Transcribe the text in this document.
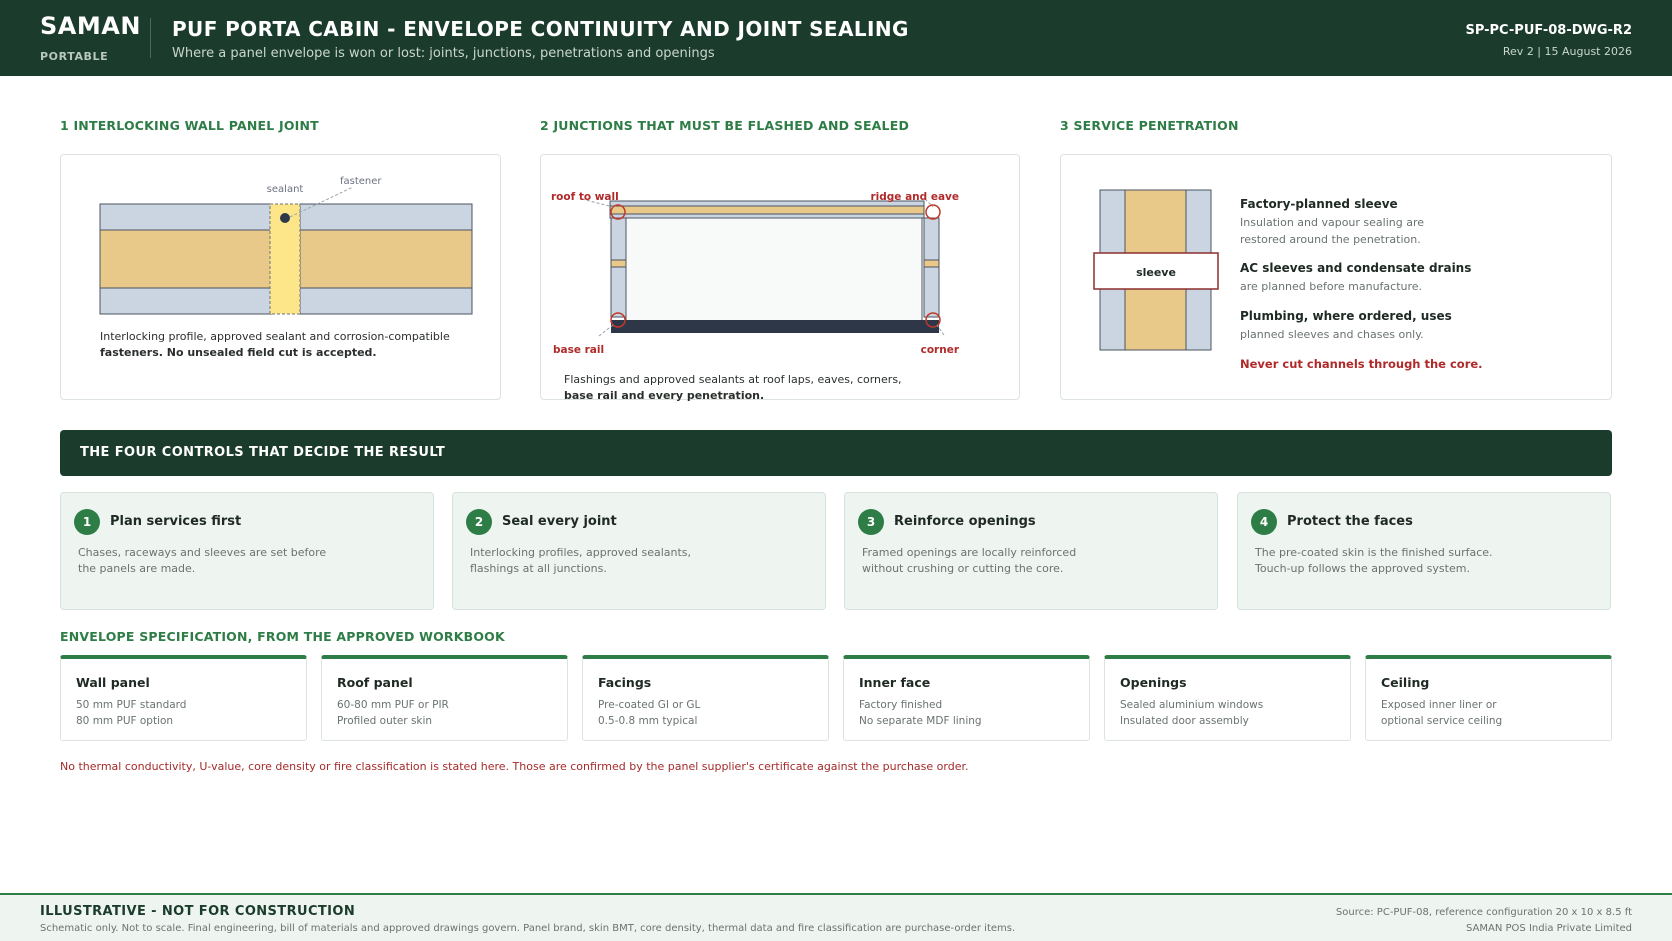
SAMAN
PORTABLE
PUF PORTA CABIN - ENVELOPE CONTINUITY AND JOINT SEALING
Where a panel envelope is won or lost: joints, junctions, penetrations and openings
SP-PC-PUF-08-DWG-R2
Rev 2 | 15 August 2026
1 INTERLOCKING WALL PANEL JOINT
sealant
fastener
Interlocking profile, approved sealant and corrosion-compatible
fasteners. No unsealed field cut is accepted.
2 JUNCTIONS THAT MUST BE FLASHED AND SEALED
roof to wall	ridge and eave
base rail	corner
Flashings and approved sealants at roof laps, eaves, corners,
base rail and every penetration.
3 SERVICE PENETRATION
sleeve
Factory-planned sleeve
Insulation and vapour sealing are
restored around the penetration.
AC sleeves and condensate drains
are planned before manufacture.
Plumbing, where ordered, uses
planned sleeves and chases only.
Never cut channels through the core.
THE FOUR CONTROLS THAT DECIDE THE RESULT
1	Plan services first
Chases, raceways and sleeves are set before
the panels are made.
2	Seal every joint
Interlocking profiles, approved sealants,
flashings at all junctions.
3	Reinforce openings
Framed openings are locally reinforced
without crushing or cutting the core.
4	Protect the faces
The pre-coated skin is the finished surface.
Touch-up follows the approved system.
ENVELOPE SPECIFICATION, FROM THE APPROVED WORKBOOK
Wall panel
50 mm PUF standard
80 mm PUF option
Roof panel
60-80 mm PUF or PIR
Profiled outer skin
Facings
Pre-coated GI or GL
0.5-0.8 mm typical
Inner face
Factory finished
No separate MDF lining
Openings
Sealed aluminium windows
Insulated door assembly
Ceiling
Exposed inner liner or
optional service ceiling
No thermal conductivity, U-value, core density or fire classification is stated here. Those are confirmed by the panel supplier's certificate against the purchase order.
ILLUSTRATIVE - NOT FOR CONSTRUCTION
Schematic only. Not to scale. Final engineering, bill of materials and approved drawings govern. Panel brand, skin BMT, core density, thermal data and fire classification are purchase-order items.
Source: PC-PUF-08, reference configuration 20 x 10 x 8.5 ft
SAMAN POS India Private Limited
